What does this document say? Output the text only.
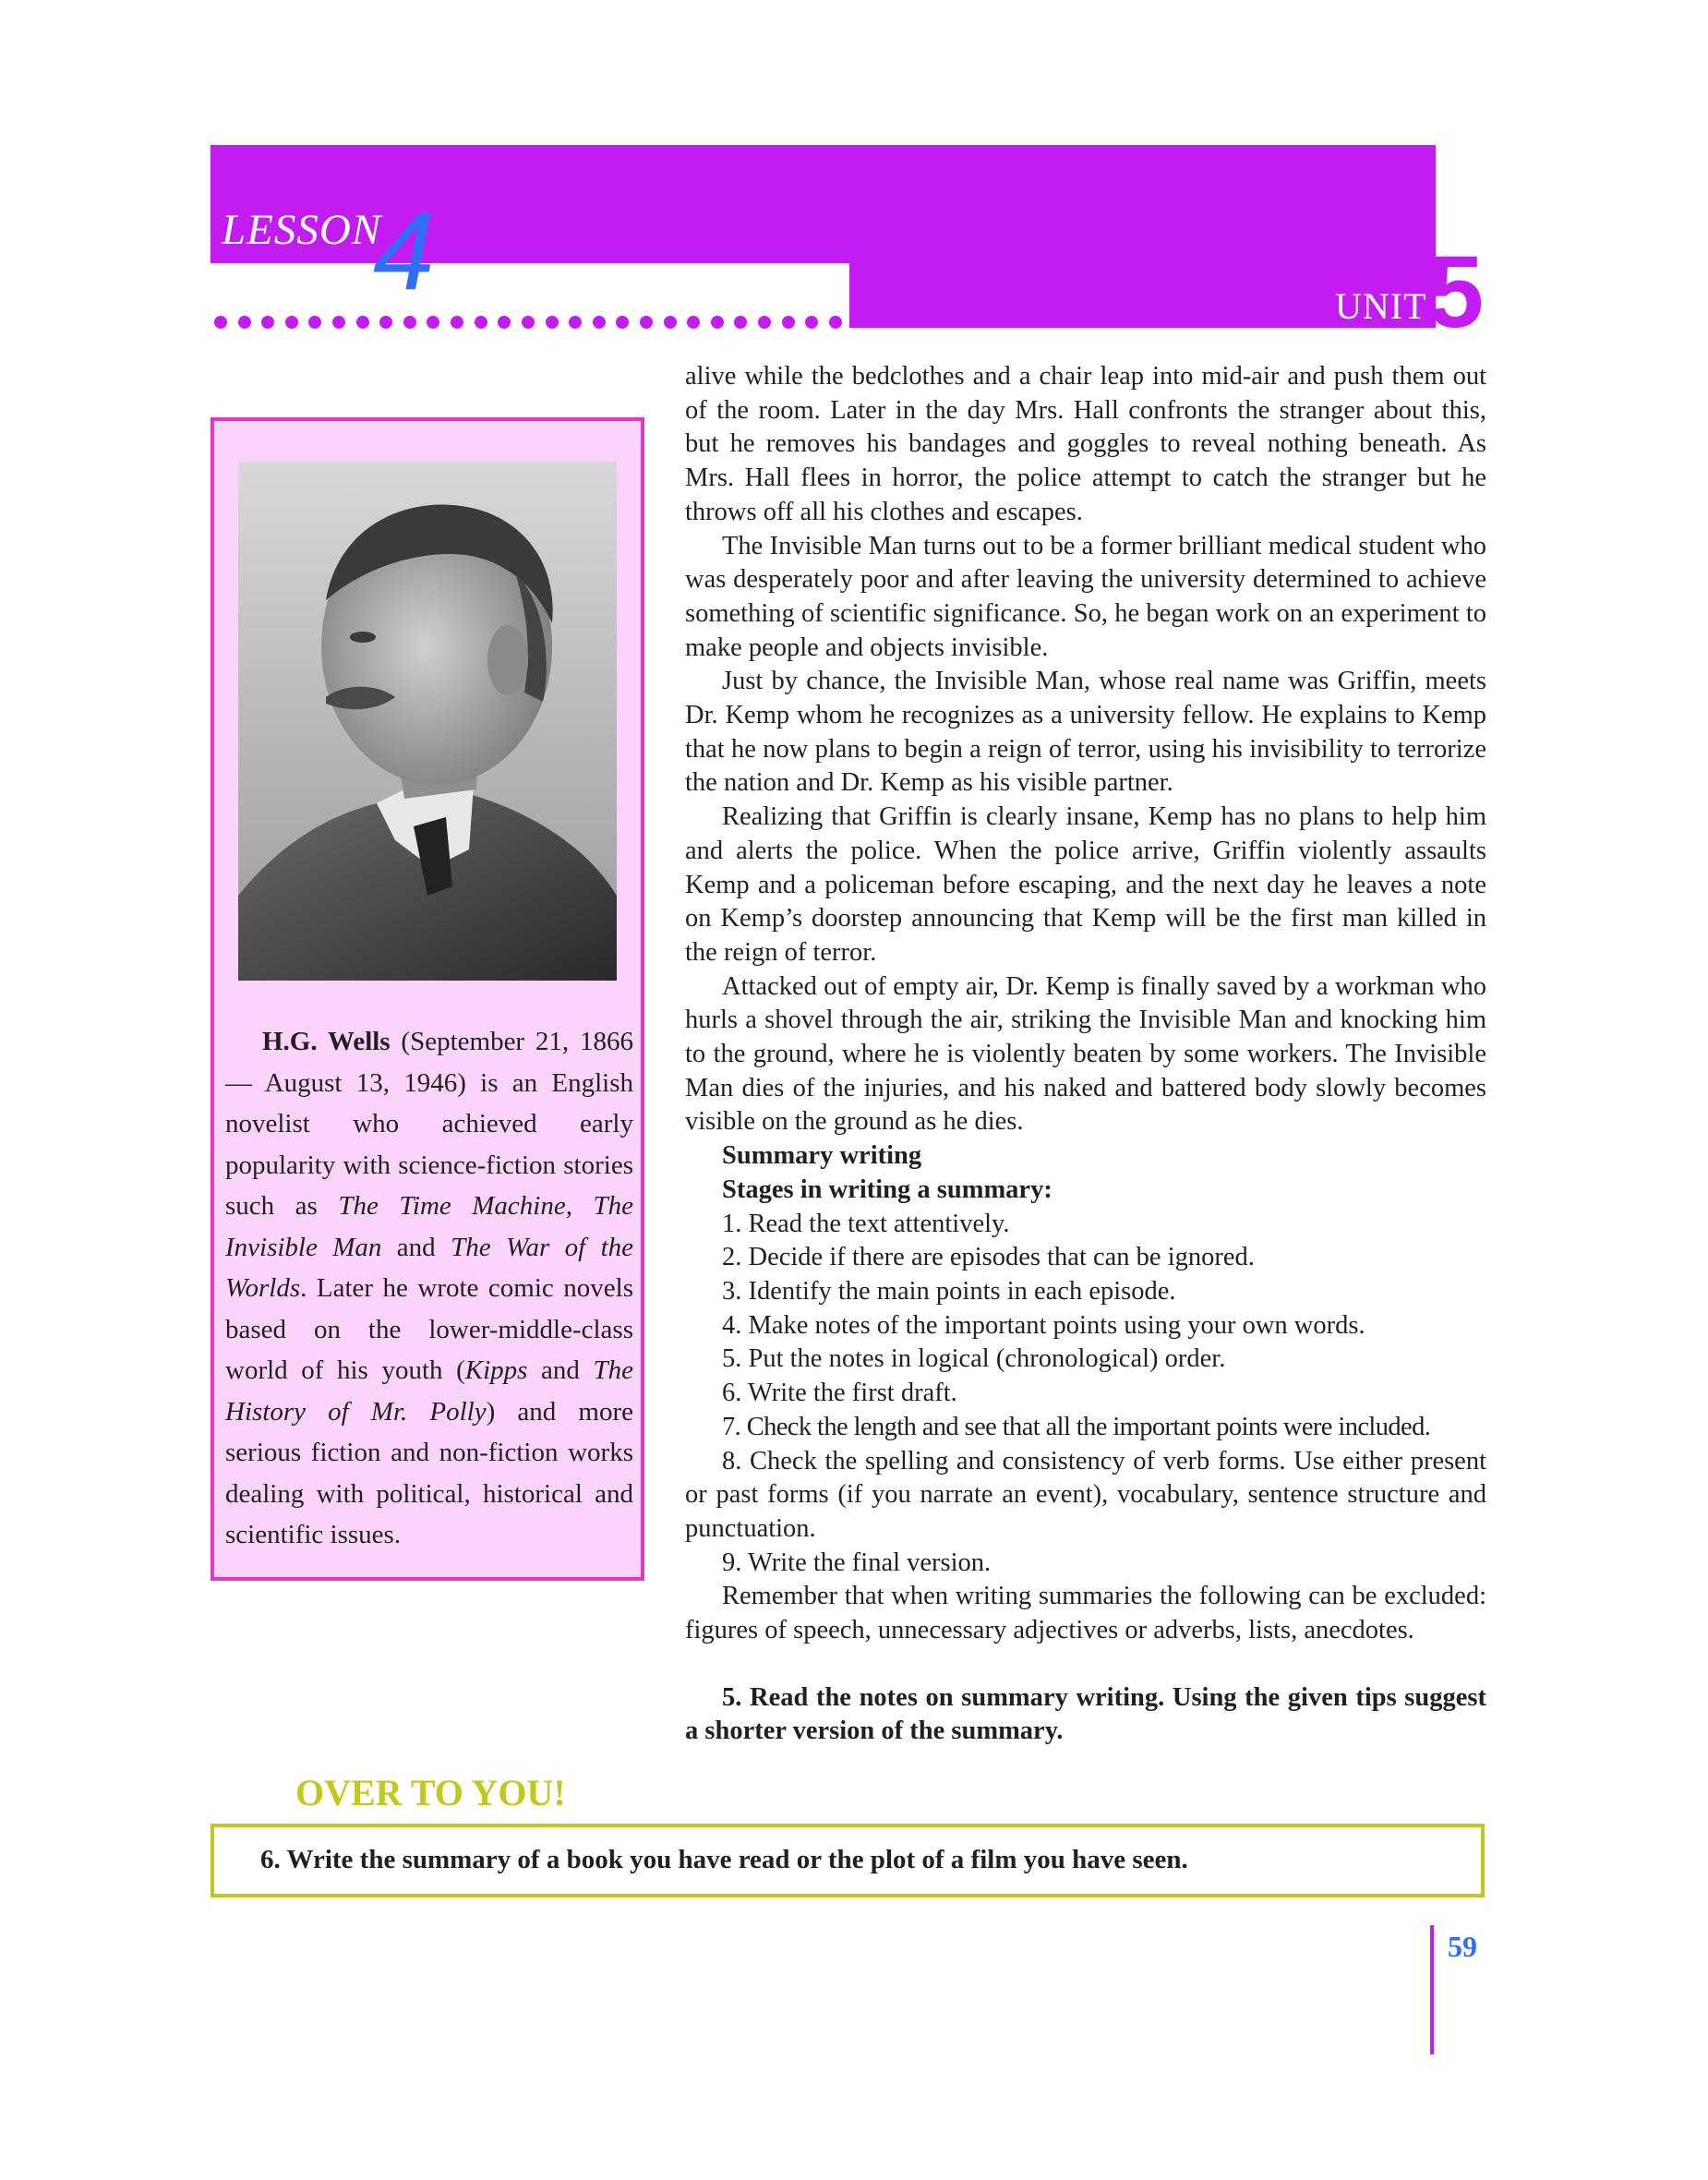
LESSON
4	UNIT 5
H.G. Wells (September 21, 1866 — August 13, 1946) is an English novelist who achieved early popularity with science-fiction stories such as The Time Machine, The Invisible Man and The War of the Worlds. Later he wrote comic novels based on the lower-middle-class world of his youth (Kipps and The History of Mr. Polly) and more serious fiction and non-fiction works dealing with political, historical and scientific issues.

alive while the bedclothes and a chair leap into mid-air and push them out of the room. Later in the day Mrs. Hall confronts the stranger about this, but he removes his bandages and goggles to reveal nothing beneath. As Mrs. Hall flees in horror, the police attempt to catch the stranger but he throws off all his clothes and escapes.

The Invisible Man turns out to be a former brilliant medical student who was desperately poor and after leaving the university determined to achieve something of scientific significance. So, he began work on an experiment to make people and objects invisible.

Just by chance, the Invisible Man, whose real name was Griffin, meets Dr. Kemp whom he recognizes as a university fellow. He explains to Kemp that he now plans to begin a reign of terror, using his invisibility to terrorize the nation and Dr. Kemp as his visible partner.

Realizing that Griffin is clearly insane, Kemp has no plans to help him and alerts the police. When the police arrive, Griffin violently assaults Kemp and a policeman before escaping, and the next day he leaves a note on Kemp’s doorstep announcing that Kemp will be the first man killed in the reign of terror.

Attacked out of empty air, Dr. Kemp is finally saved by a workman who hurls a shovel through the air, striking the Invisible Man and knocking him to the ground, where he is violently beaten by some workers. The Invisible Man dies of the injuries, and his naked and battered body slowly becomes visible on the ground as he dies.

Summary writing
Stages in writing a summary:
1. Read the text attentively.
2. Decide if there are episodes that can be ignored.
3. Identify the main points in each episode.
4. Make notes of the important points using your own words.
5. Put the notes in logical (chronological) order.
6. Write the first draft.
7. Check the length and see that all the important points were included.

8. Check the spelling and consistency of verb forms. Use either present or past forms (if you narrate an event), vocabulary, sentence structure and punctuation.

9. Write the final version.

Remember that when writing summaries the following can be excluded: figures of speech, unnecessary adjectives or adverbs, lists, anecdotes.

5. Read the notes on summary writing. Using the given tips suggest a shorter version of the summary.

OVER TO YOU!
6. Write the summary of a book you have read or the plot of a film you have seen.
59
